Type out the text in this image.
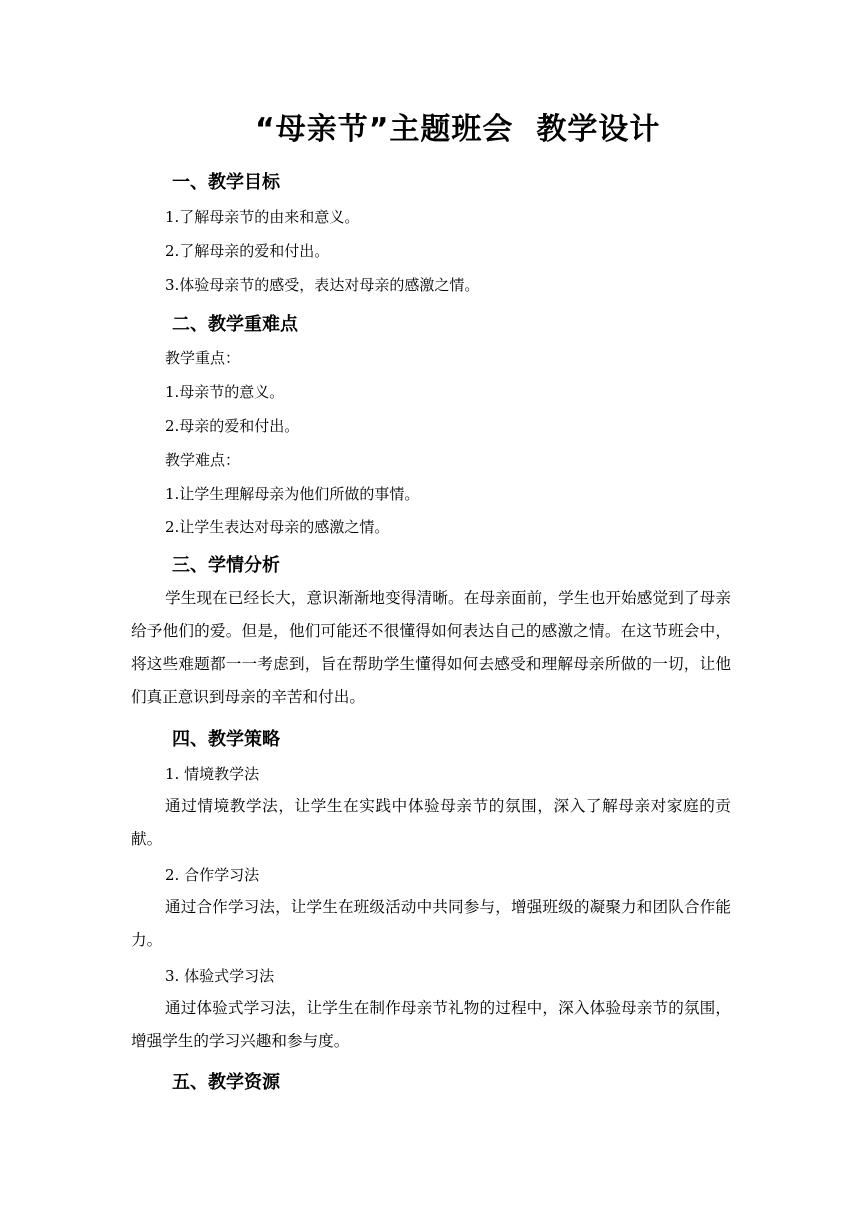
“母亲节”主题班会  教学设计
一、教学目标
1.了解母亲节的由来和意义。
2.了解母亲的爱和付出。
3.体验母亲节的感受，表达对母亲的感激之情。
二、教学重难点
教学重点：
1.母亲节的意义。
2.母亲的爱和付出。
教学难点：
1.让学生理解母亲为他们所做的事情。
2.让学生表达对母亲的感激之情。
三、学情分析
学生现在已经长大，意识渐渐地变得清晰。在母亲面前，学生也开始感觉到了母亲给予他们的爱。但是，他们可能还不很懂得如何表达自己的感激之情。在这节班会中，将这些难题都一一考虑到，旨在帮助学生懂得如何去感受和理解母亲所做的一切，让他们真正意识到母亲的辛苦和付出。
四、教学策略
1. 情境教学法
通过情境教学法，让学生在实践中体验母亲节的氛围，深入了解母亲对家庭的贡献。
2. 合作学习法
通过合作学习法，让学生在班级活动中共同参与，增强班级的凝聚力和团队合作能力。
3. 体验式学习法
通过体验式学习法，让学生在制作母亲节礼物的过程中，深入体验母亲节的氛围，增强学生的学习兴趣和参与度。
五、教学资源
